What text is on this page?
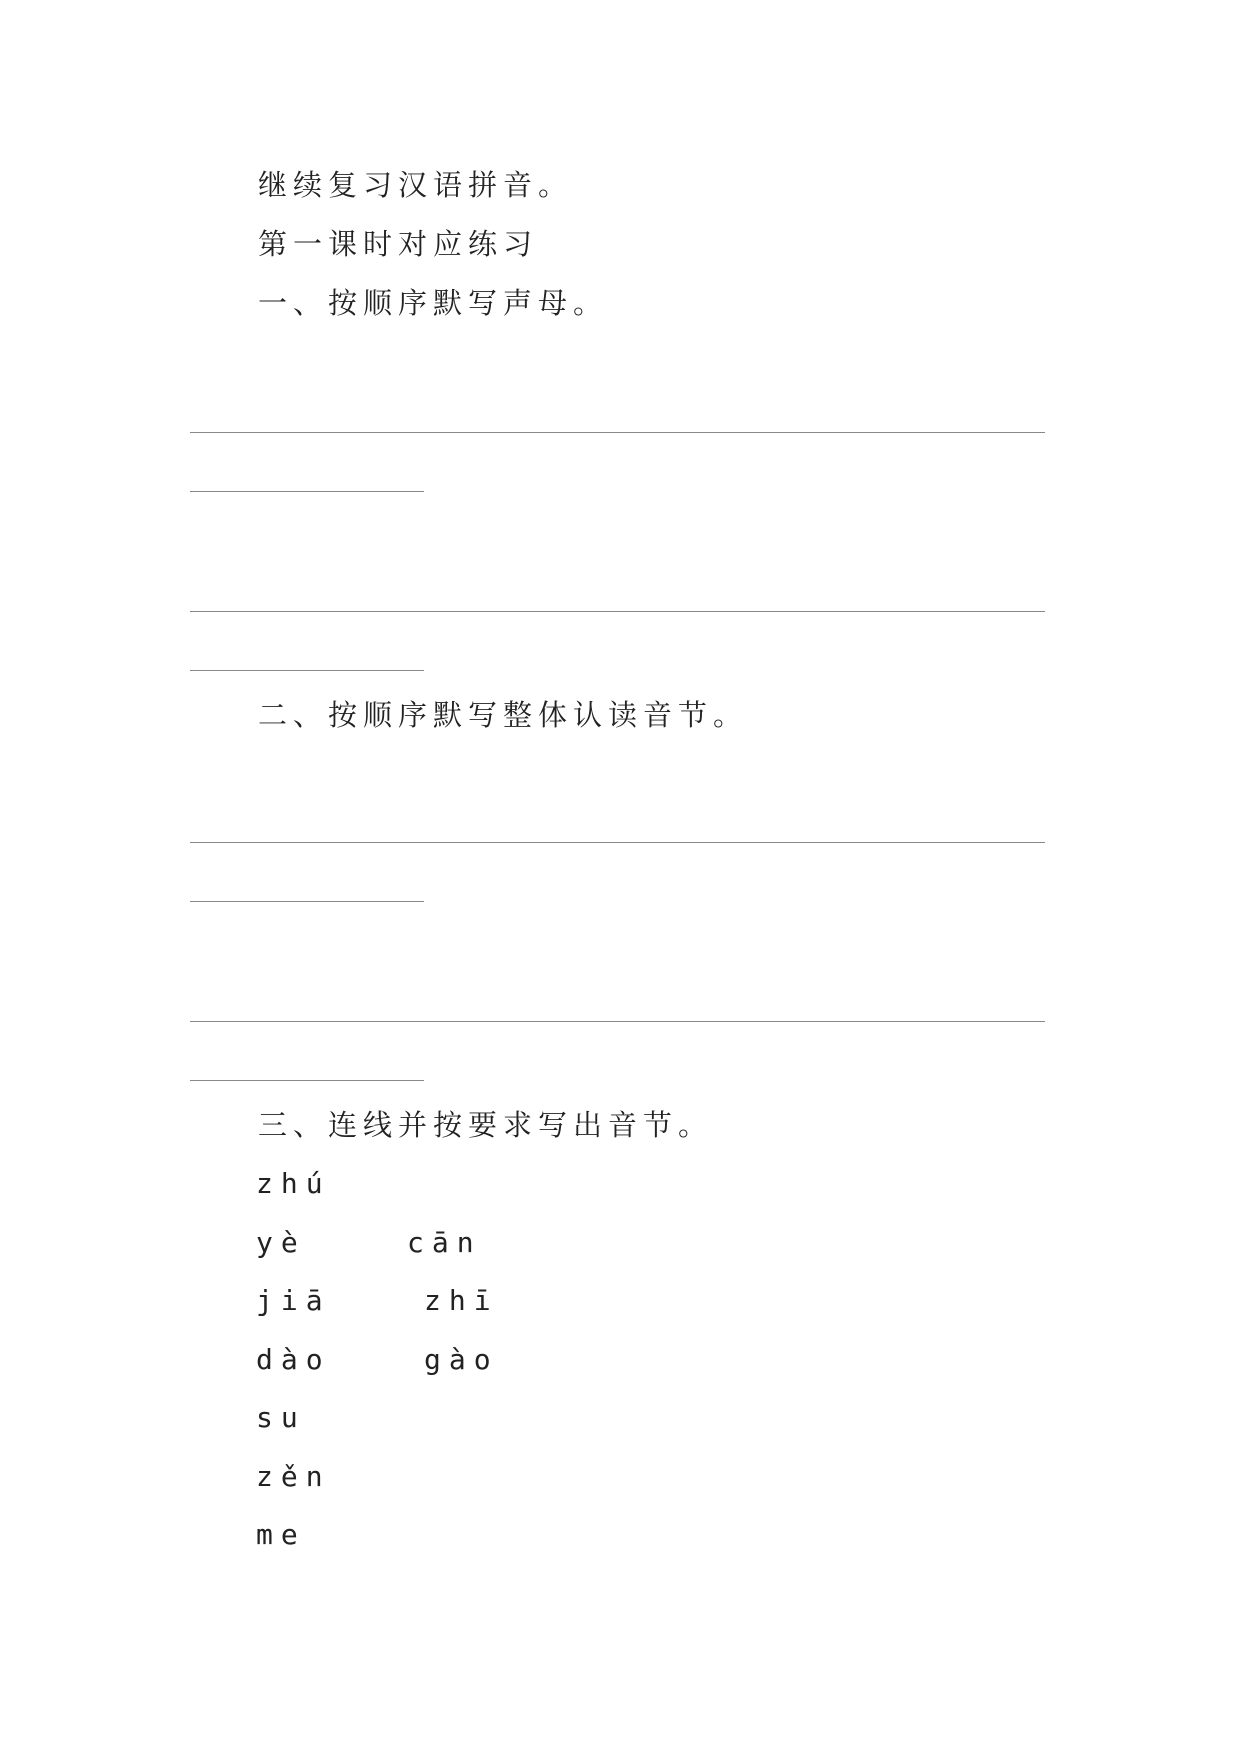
继续复习汉语拼音。
第一课时对应练习
一、按顺序默写声母。
二、按顺序默写整体认读音节。
三、连线并按要求写出音节。
zhú
yè
jiā
dào
su
zěn
me
cān
zhī
gào
